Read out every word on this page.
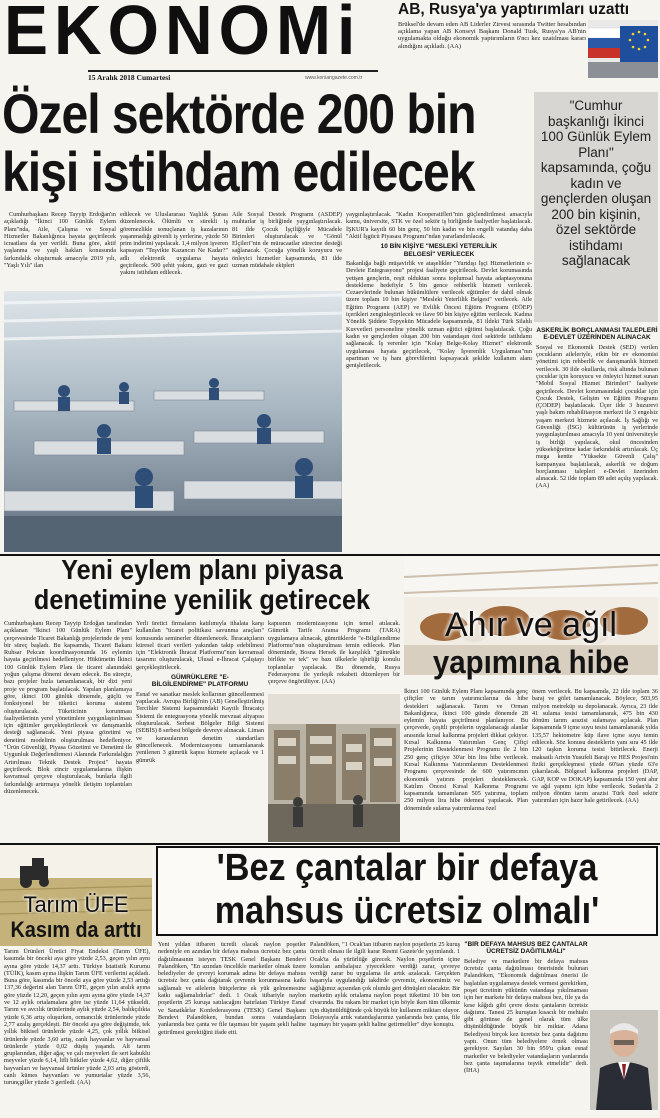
EKONOMi
15 Aralık 2018 Cumartesi	www.korsangazete.com.tr
AB, Rusya'ya yaptırımları uzattı
Brüksel'de devam eden AB Liderler Zirvesi sırasında Twitter hesabından açıklama yapan AB Konseyi Başkanı Donald Tusk, Rusya'ya AB'nin uygulamakta olduğu ekonomik yaptırımların 6'ncı kez uzatılması kararı alındığını açıkladı. (AA)
Özel sektörde 200 bin
kişi istihdam edilecek
"Cumhur başkanlığı İkinci 100 Günlük Eylem Planı" kapsamında, çoğu kadın ve gençlerden oluşan 200 bin kişinin, özel sektörde istihdamı sağlanacak
Cumhurbaşkanı Recep Tayyip Erdoğan'ın açıkladığı "İkinci 100 Günlük Eylem Planı"nda, Aile, Çalışma ve Sosyal Hizmetler Bakanlığınca hayata geçirilecek icraatlara da yer verildi. Buna göre, aktif yaşlanma ve yaşlı hakları konusunda farkındalık oluşturmak amacıyla 2019 yılı, "Yaşlı Yılı" ilan
edilecek ve Uluslararası Yaşlılık Şurası düzenlenecek. Ölümlü ve sürekli iş göremezlikle sonuçlanan iş kazalarının yaşanmadığı güvenli iş yerlerine, yüzde 50 prim indirimi yapılacak. 1,4 milyon işveren kapsayan "Teşvikte Kazancın Ne Kadar?" adlı elektronik uygulama hayata geçirilecek. 500 şehit yakını, gazi ve gazi yakını istihdam edilecek.
Aile Sosyal Destek Programı (ASDEP) muhtarlar iş birliğinde yaygınlaştırılacak. 81 ilde Çocuk İşçiliğiyle Mücadele Birimleri oluşturulacak ve "Gönül Elçileri"nin de müracaatlar sürecine desteği sağlanacak. Çocuğa yönelik koruyucu ve önleyici hizmetler kapsamında, 81 ilde uzman müdahale ekipleri
yaygınlaştırılacak. "Kadın Kooperatifleri"nin güçlendirilmesi amacıyla kamu, üniversite, STK ve özel sektör iş birliğinde faaliyetler başlatılacak. İŞKUR'a kayıtlı 60 bin genç, 50 bin kadın ve bin engelli vatandaş daha "Aktif İşgücü Piyasası Programı"ndan yararlandırılacak.
10 BİN KİŞİYE "MESLEKİ YETERLİLİK BELGESİ" VERİLECEK
Bakanlığa bağlı müşavirlik ve ataşelikler "Yurtdışı İşçi Hizmetlerinin e-Devlete Entegrasyonu" projesi faaliyete geçirilecek. Devlet korumasında yetişen gençlerin, reşit olduktan sonra toplumsal hayata adaptasyonuna destekleme hedefiyle 5 bin gence rehberlik hizmeti verilecek. Cezaevlerinde bulunan hükümlülere verilecek eğitimler de dahil olmak üzere toplam 10 bin kişiye "Mesleki Yeterlilik Belgesi" verilecek. Aile Eğitim Programı (AEP) ve Evlilik Öncesi Eğitim Programı (EÖEP) içerikleri zenginleştirilecek ve ilave 90 bin kişiye eğitim verilecek. Kadına Yönelik Şiddete Topyekün Mücadele kapsamında, 81 ildeki Türk Silahlı Kuvvetleri personeline yönelik uzman eğitici eğitimi başlatılacak. Çoğu kadın ve gençlerden oluşan 200 bin vatandaşın özel sektörde istihdamı sağlanacak. İş verenler için "Kolay Belge-Kolay Hizmet" elektronik uygulaması hayata geçirilecek, "Kolay İşverenlik Uygulaması"nın apartman ve iş hanı görevlilerini kapsayacak şekilde kullanım alanı genişletilecek.
ASKERLİK BORÇLANMASI TALEPLERİ E-DEVLET ÜZERİNDEN ALINACAK
Sosyal ve Ekonomik Destek (SED) verilen çocukların aileleriyle, etkin bir ev ekonomisi yönetimi için rehberlik ve danışmanlık hizmeti verilecek. 30 ilde okullarda, risk altında bulunan çocuklar için koruyucu ve önleyici hizmet sunan "Mobil Sosyal Hizmet Birimleri" faaliyete geçirilecek. Devlet korumasındaki çocuklar için Çocuk Destek, Gelişim ve Eğitim Programı (ÇODEP) başlatılacak. Üçer ilde 3 huzurevi yaşlı bakım rehabilitasyon merkezi ile 3 engelsiz yaşam merkezi hizmete açılacak. İş Sağlığı ve Güvenliği (İSG) kültürünün iş yerlerinde yaygınlaştırılması amacıyla 10 yeni üniversiteyle iş birliği yapılacak, okul öncesinden yükseköğretime kadar farkındalık artırılacak. Üç mega kentte "Yüksekte Güvenli Çalış" kampanyası başlatılacak, askerlik ve doğum borçlanması talepleri e-Devlet üzerinden alınacak. 52 ilde toplam 89 adet açılış yapılacak. (AA)
Yeni eylem planı piyasa
denetimine yenilik getirecek
Cumhurbaşkanı Recep Tayyip Erdoğan tarafından açıklanan "İkinci 100 Günlük Eylem Planı" çerçevesinde Ticaret Bakanlığı projelerinde de yeni bir süreç başladı. Bu kapsamda, Ticaret Bakanı Ruhsar Pekcan koordinasyonunda 16 eylemin hayata geçirilmesi hedefleniyor. Hükümetin İkinci 100 Günlük Eylem Planı ile ticaret alanındaki yoğun çalışma dönemi devam edecek. Bu süreçte, bazı projeler hızla tamamlanacak, bir dizi yeni proje ve program başlatılacak. Yapılan planlamaya göre, ikinci 100 günlük dönemde, güçlü ve fonksiyonel bir tüketici koruma sistemi oluşturulacak. Tüketicinin korunması faaliyetlerinin yerel yönetimlere yaygınlaştırılması için eğitimler gerçekleştirilecek ve danışmanlık desteği sağlanacak. Yeni piyasa gözetimi ve denetimi modelinin oluşturulması hedefleniyor. "Ürün Güvenliği, Piyasa Gözetimi ve Denetimi ile Uygunluk Değerlendirmesi Alanında Farkındalığın Artırılması Teknik Destek Projesi" hayata geçirilecek. Blok zincir uygulamalarına ilişkin kavramsal çerçeve oluşturulacak, bunlarla ilgili farkındalığı artırmaya yönelik iletişim toplantıları düzenlenecek.
Yerli üretici firmaların katılımıyla ithalata karşı kullanılan "ticaret politikası savunma araçları" konusunda seminerler düzenlenecek. İhracatçıların küresel ticari verileri yakından takip edebilmesi için "Elektronik İhracat Platformu"nun kavramsal tasarımı oluşturulacak, Ulusal e-İhracat Çalıştayı gerçekleştirilecek.
GÜMRÜKLERE "E-BİLGİLENDİRME" PLATFORMU
Esnaf ve sanatkar meslek kollarının güncellenmesi yapılacak. Avrupa Birliği'nin (AB) Genelleştirilmiş Tercihler Sistemi kapsamındaki Kayıtlı İhracatçı Sistemi ile entegrasyona yönelik mevzuat altyapısı oluşturulacak. Serbest Bölgeler Bilgi Sistemi (SEBİS) 8 serbest bölgede devreye alınacak. Liman ve karasularının denetim standartları güncellenecek. Modernizasyonu tamamlanarak yenilenen 3 gümrük kapısı hizmete açılacak ve 1 gümrük
kapısının modernizasyonu için temel atılacak. Gümrük Tarife Arama Programı (TARA) uygulamaya alınacak, gümrüklerde "e-Bilgilendirme Platformu"nun oluşturulması temin edilecek. Plan döneminde, Bosna Hersek ile karşılıklı "gümrükte birlikte ve tek" ve bazı ülkelerle işbirliği konulu toplantılar yapılacak. Bu dönemde, Rusya Federasyonu ile yerleşik rekabeti düzenleyen bir çerçeve öngörülüyor. (AA)
Ahır ve ağıl
yapımına hibe
İkinci 100 Günlük Eylem Planı kapsamında genç çiftçiler ve tarım yatırımcılarına da hibe destekleri sağlanacak. Tarım ve Orman Bakanlığınca, ikinci 100 günde dönemde 28 eylemin hayata geçirilmesi planlanıyor. Bu çerçevede, çeşitli projelerin uygulanacağı alanlar arasında kırsal kalkınma projeleri dikkat çekiyor. Kırsal Kalkınma Yatırımları Genç Çiftçi Projelerinin Desteklenmesi Programı ile 2 bin 250 genç çiftçiye 30'ar bin lira hibe verilecek. Kırsal Kalkınma Yatırımlarının Desteklenmesi Programı çerçevesinde de 600 yatırımcının ekonomik yatırım projeleri desteklenecek. Katılım Öncesi Kırsal Kalkınma Programı kapsamında tamamlanan 505 yatırıma, toplam 250 milyon lira hibe ödemesi yapılacak. Plan döneminde sulama yatırımlarına özel
önem verilecek. Bu kapsamda, 22 ilde toplam 36 baraj ve gölet tamamlanacak. Böylece, 503,95 milyon metreküp su depolanacak. Ayrıca, 23 ilde 41 sulama tesisi tamamlanarak, 475 bin 430 dönüm tarım arazisi sulamaya açılacak. Plan kapsamında 9 içme suyu tesisi tamamlanarak yılda 135,57 hektometre küp ilave içme suyu temin edilecek. Söz konusu desteklerin yanı sıra 45 ilde 120 taşkın koruma tesisi bitirilecek. Enerji maksatlı Artvin Yusufeli Barajı ve HES Projesi'nin fiziki gerçekleşmesi yüzde 60'tan yüzde 63'e çıkarılacak. Bölgesel kalkınma projeleri (DAP, GAP, KOP ve DOKAP) kapsamında 150 yeni ahır ve ağıl yapımı için hibe verilecek. Sudan'da 2 milyon dönüm tarım arazisi Türk özel sektör yatırımları için hazır hale getirilecek. (AA)
Tarım ÜFE
Kasım da arttı
Tarım Ürünleri Üretici Fiyat Endeksi (Tarım ÜFE), kasımda bir önceki aya göre yüzde 2,53, geçen yılın aynı ayına göre yüzde 14,37 arttı. Türkiye İstatistik Kurumu (TÜİK), kasım ayına ilişkin Tarım ÜFE verilerini açıkladı. Buna göre, kasımda bir önceki aya göre yüzde 2,53 arttığı 137,36 değerini alan Tarım ÜFE, geçen yılın aralık ayına göre yüzde 12,20, geçen yılın aynı ayına göre yüzde 14,37 ve 12 aylık ortalamalara göre ise yüzde 11,64 yükseldi. Tarım ve avcılık ürünlerinde aylık yüzde 2,54, balıkçılıkta yüzde 6,36 artış oluşurken, ormancılık ürünlerinde yüzde 2,77 azalış gerçekleşti. Bir önceki aya göre değişimde, tek yıllık bitkisel ürünlerde yüzde 4,25, çok yıllık bitkisel ürünlerde yüzde 3,60 artış, canlı hayvanlar ve hayvansal ürünlerde yüzde 0,02 düşüş yaşandı. Alt tarım gruplarından, diğer ağaç ve çalı meyveleri ile sert kabuklu meyveler yüzde 6,14, lifli bitkiler yüzde 4,62, diğer çiftlik hayvanları ve hayvansal ürünler yüzde 2,03 artış gösterdi, canlı kümes hayvanları ve yumurtalar yüzde 3,56, turunçgiller yüzde 3 geriledi. (AA)
'Bez çantalar bir defaya
mahsus ücretsiz olmalı'
Yeni yıldan itibaren ücretli olacak naylon poşetler nedeniyle en azından bir defaya mahsus ücretsiz bez çanta dağıtılmasının isteyen TESK Genel Başkanı Bendevi Palandöken, "En azından öncelikle marketler olmak üzere belediyeler de çevreyi korumak adına bir defaya mahsus ücretsiz bez çanta dağıtarak çevrenin korunmasına katkı sağlamalı ve ailelerin bütçelerine ek yük gelmemesine katkı sağlamalıdırlar" dedi. 1 Ocak itibariyle naylon poşetlerin 25 kuruşa satılacağını hatırlatan Türkiye Esnaf ve Sanatkârlar Konfederasyonu (TESK) Genel Başkanı Bendevi Palandöken, bundan sonra vatandaşların yanlarında bez çanta ve file taşıması bir yaşam şekli haline getirilmesi gerektiğini ifade etti.
Palandöken, "1 Ocak'tan itibaren naylon poşetlerin 25 kuruş ücretli olması ile ilgili karar Resmi Gazete'de yayımlandı. 1 Ocak'ta da yürürlüğe girecek. Naylon poşetlerin içine konulan ambalajsız yiyeceklere verdiği zarar, çevreye verdiği zarar bu uygulama ile artık azalacak. Gerçekten başarıyla uygulandığı takdirde çevremiz, ekonomimiz ve sağlığımız açısından çok olumlu geri dönüşleri olacaktır. Bir marketin aylık ortalama naylon poşet tüketimi 10 bin ton civarında. Bu rakam bir market için böyle iken tüm ülkemiz için düşünüldüğünde çok büyük bir kullanım miktarı oluyor. Dolayısıyla artık vatandaşlarımız yanlarında bez çanta, file taşımayı bir yaşam şekli haline getirmeliler" diye konuştu.
"BİR DEFAYA MAHSUS BEZ ÇANTALAR ÜCRETSİZ DAĞITILMALI"
Belediye ve marketlere bir defaya mahsus ücretsiz çanta dağıtılması önerisinde bulunan Palandöken, "Ekonomik dağıtılması önerisi ile başlatılan uygulamaya destek vermesi gerekirken, poşet ücretinin yükünün vatandaşa yıkılmaması için her markete bir defaya mahsus bez, file ya da kese kâğıdı gibi çevre dostu çantaların ücretsiz dağıtımı. Tanesi 25 kuruştan kısacık bir mehtabı gibi görünse de genel olarak tüm ülke düşünüldüğünde büyük bir miktar. Adana Belediyesi birçok kez ücretsiz bez çanta dağıtımı yaptı. Onun tüm belediyelere örnek olması gerekiyor. Sayıları 30 bin 959'u çıkan esnaf marketler ve belediyeler vatandaşların yanlarında bez çanta taşımalarına teşvik etmelidir" dedi. (İHA)
